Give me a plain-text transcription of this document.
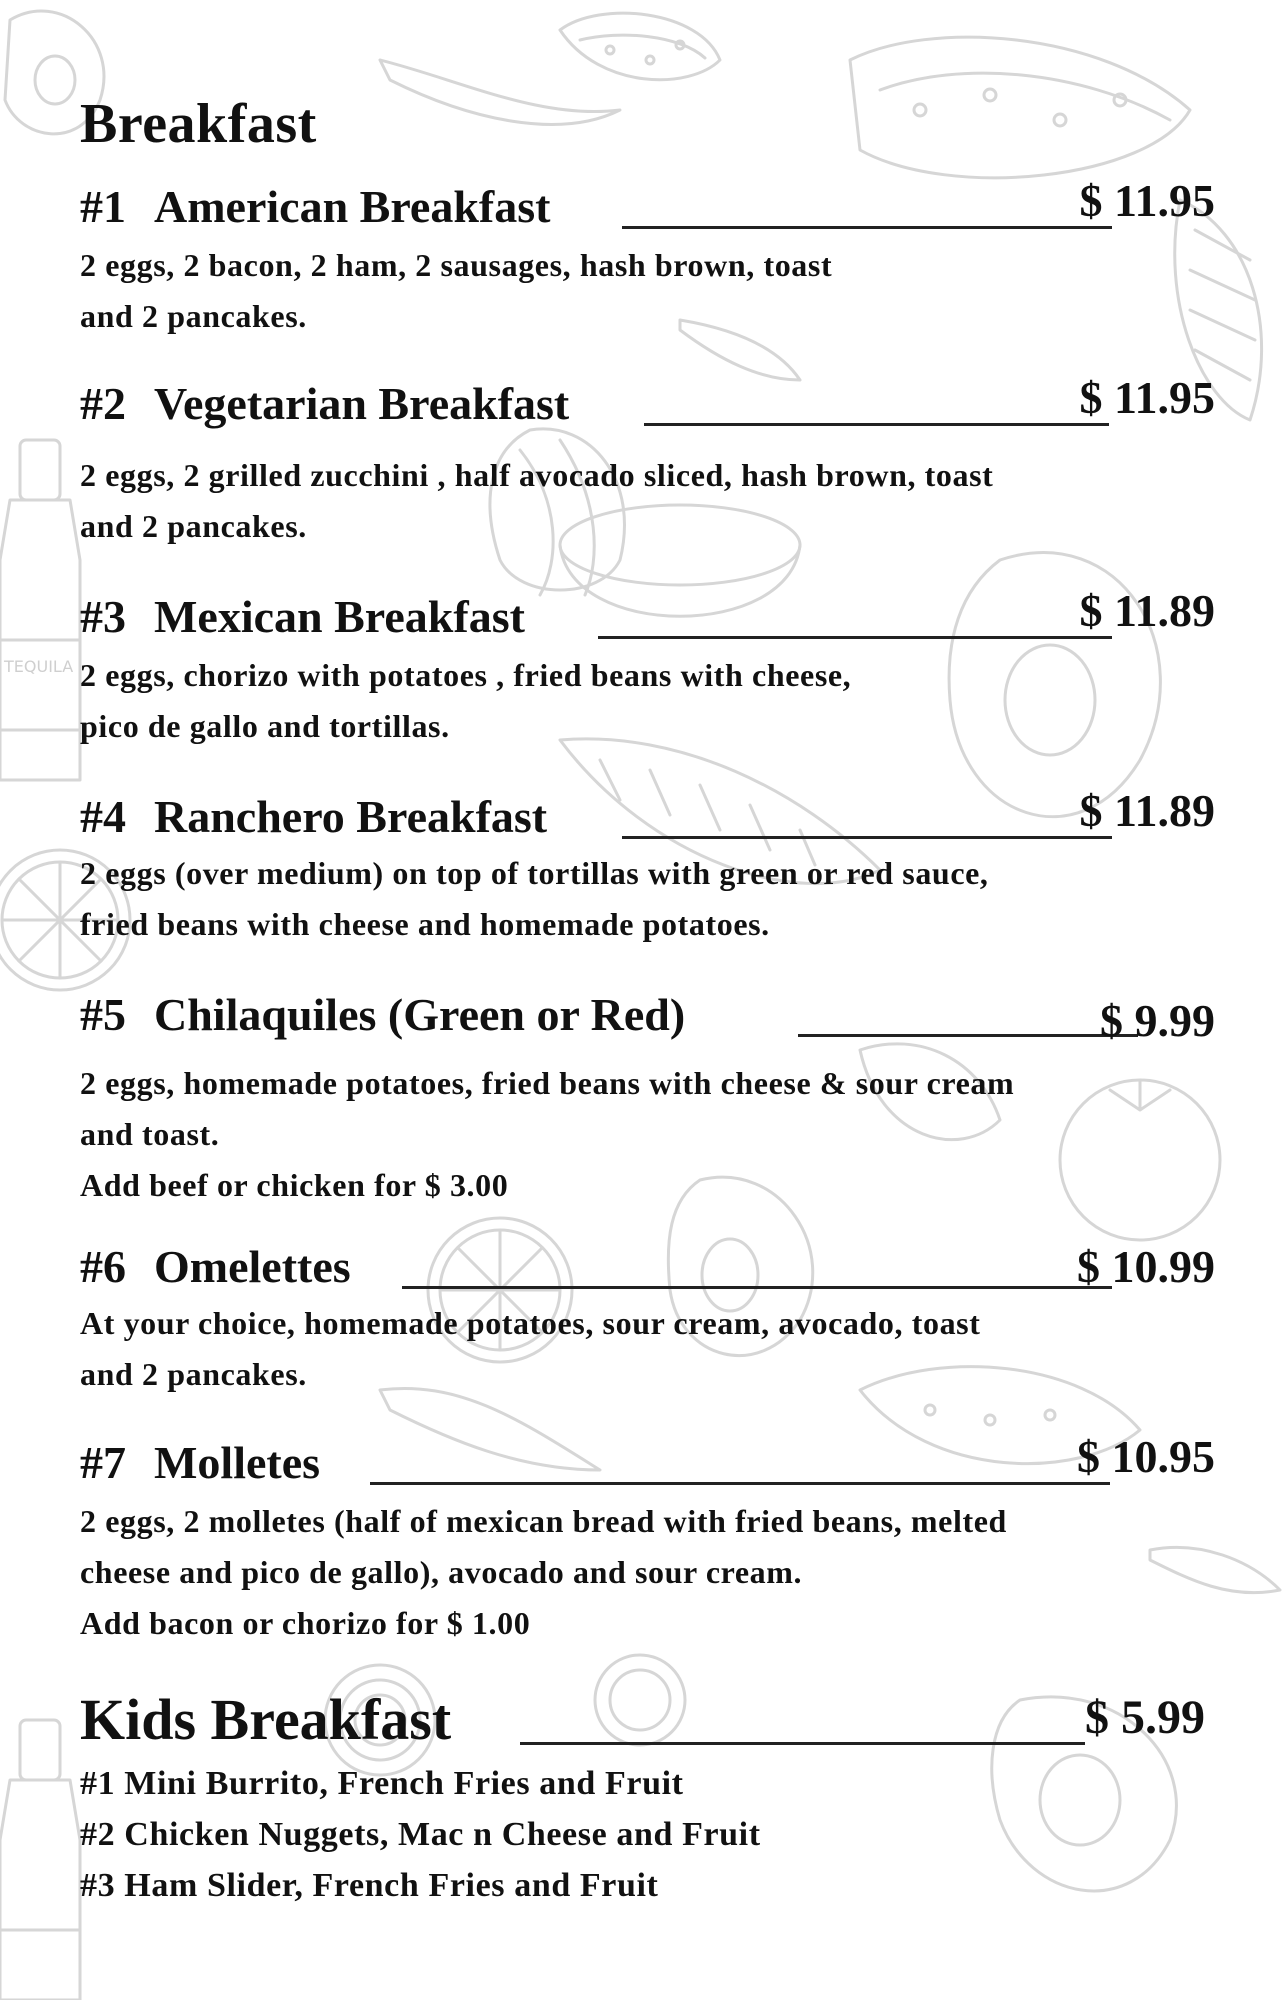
TEQUILA
Breakfast
#1 American Breakfast	$ 11.95
2 eggs, 2 bacon, 2 ham, 2 sausages, hash brown, toast
and 2 pancakes.
#2 Vegetarian Breakfast	$ 11.95
2 eggs, 2 grilled zucchini , half avocado sliced, hash brown, toast
and 2 pancakes.
#3 Mexican Breakfast	$ 11.89
2 eggs, chorizo with potatoes , fried beans with cheese,
pico de gallo and tortillas.
#4 Ranchero Breakfast	$ 11.89
2 eggs (over medium) on top of tortillas with green or red sauce,
fried beans with cheese and homemade potatoes.
#5 Chilaquiles (Green or Red)	$ 9.99
2 eggs, homemade potatoes, fried beans with cheese & sour cream
and toast.
Add beef or chicken for $ 3.00
#6 Omelettes	$ 10.99
At your choice, homemade potatoes, sour cream, avocado, toast
and 2 pancakes.
#7 Molletes	$ 10.95
2 eggs, 2 molletes (half of mexican bread with fried beans, melted
cheese and pico de gallo), avocado and sour cream.
Add bacon or chorizo for $ 1.00
Kids Breakfast	$ 5.99
#1 Mini Burrito, French Fries and Fruit
#2 Chicken Nuggets, Mac n Cheese and Fruit
#3 Ham Slider, French Fries and Fruit
